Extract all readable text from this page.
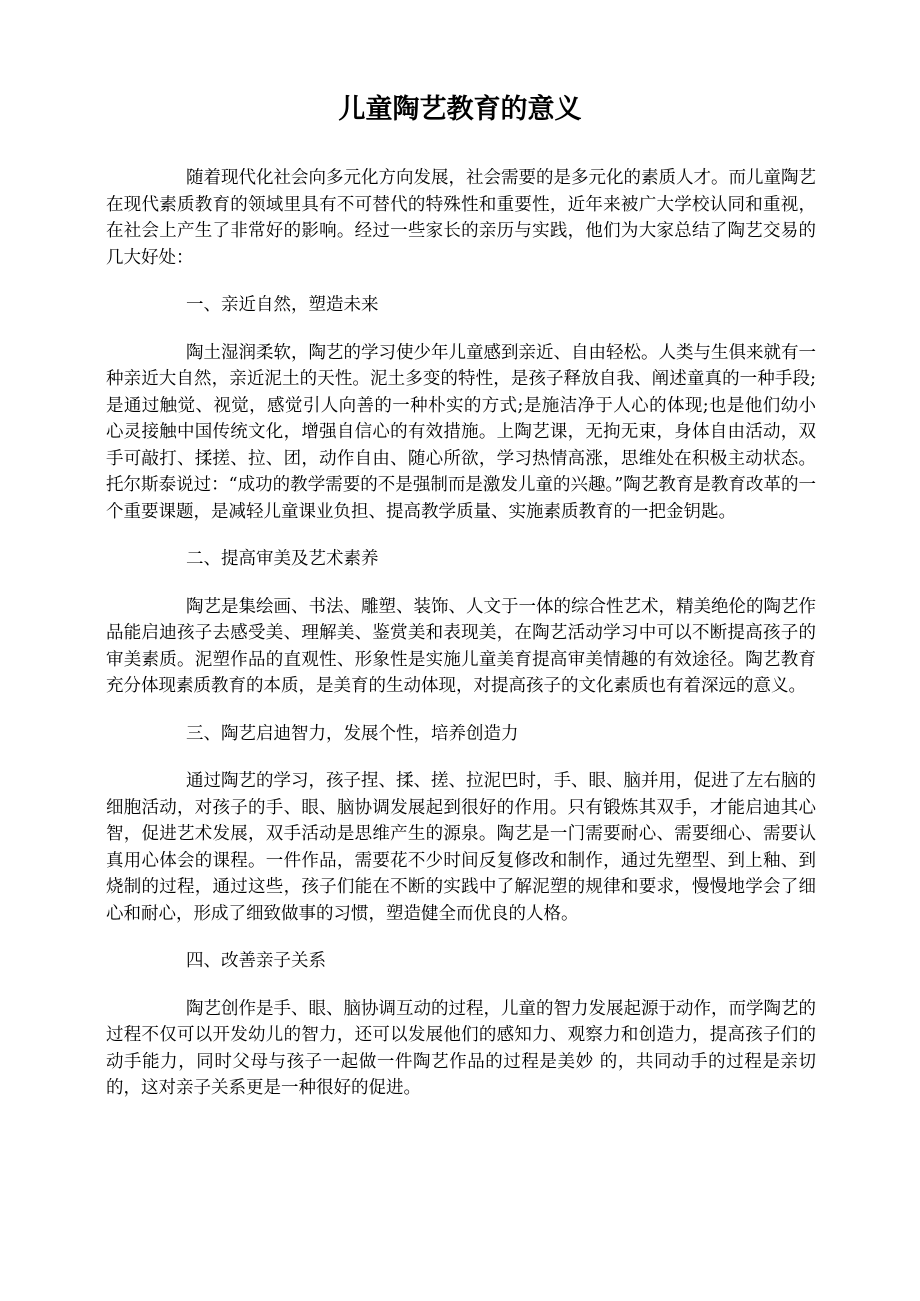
儿童陶艺教育的意义

随着现代化社会向多元化方向发展，社会需要的是多元化的素质人才。而儿童陶艺在现代素质教育的领域里具有不可替代的特殊性和重要性，近年来被广大学校认同和重视，在社会上产生了非常好的影响。经过一些家长的亲历与实践，他们为大家总结了陶艺交易的几大好处：

一、亲近自然，塑造未来

陶土湿润柔软，陶艺的学习使少年儿童感到亲近、自由轻松。人类与生俱来就有一种亲近大自然，亲近泥土的天性。泥土多变的特性，是孩子释放自我、阐述童真的一种手段;是通过触觉、视觉，感觉引人向善的一种朴实的方式;是施洁净于人心的体现;也是他们幼小心灵接触中国传统文化，增强自信心的有效措施。上陶艺课，无拘无束，身体自由活动，双手可敲打、揉搓、拉、团，动作自由、随心所欲，学习热情高涨，思维处在积极主动状态。托尔斯泰说过：“成功的教学需要的不是强制而是激发儿童的兴趣。”陶艺教育是教育改革的一个重要课题，是减轻儿童课业负担、提高教学质量、实施素质教育的一把金钥匙。

二、提高审美及艺术素养

陶艺是集绘画、书法、雕塑、装饰、人文于一体的综合性艺术，精美绝伦的陶艺作品能启迪孩子去感受美、理解美、鉴赏美和表现美，在陶艺活动学习中可以不断提高孩子的审美素质。泥塑作品的直观性、形象性是实施儿童美育提高审美情趣的有效途径。陶艺教育充分体现素质教育的本质，是美育的生动体现，对提高孩子的文化素质也有着深远的意义。

三、陶艺启迪智力，发展个性，培养创造力

通过陶艺的学习，孩子捏、揉、搓、拉泥巴时，手、眼、脑并用，促进了左右脑的细胞活动，对孩子的手、眼、脑协调发展起到很好的作用。只有锻炼其双手，才能启迪其心智，促进艺术发展，双手活动是思维产生的源泉。陶艺是一门需要耐心、需要细心、需要认真用心体会的课程。一件作品，需要花不少时间反复修改和制作，通过先塑型、到上釉、到烧制的过程，通过这些，孩子们能在不断的实践中了解泥塑的规律和要求，慢慢地学会了细心和耐心，形成了细致做事的习惯，塑造健全而优良的人格。

四、改善亲子关系

陶艺创作是手、眼、脑协调互动的过程，儿童的智力发展起源于动作，而学陶艺的过程不仅可以开发幼儿的智力，还可以发展他们的感知力、观察力和创造力，提高孩子们的动手能力，同时父母与孩子一起做一件陶艺作品的过程是美妙 的，共同动手的过程是亲切的，这对亲子关系更是一种很好的促进。
